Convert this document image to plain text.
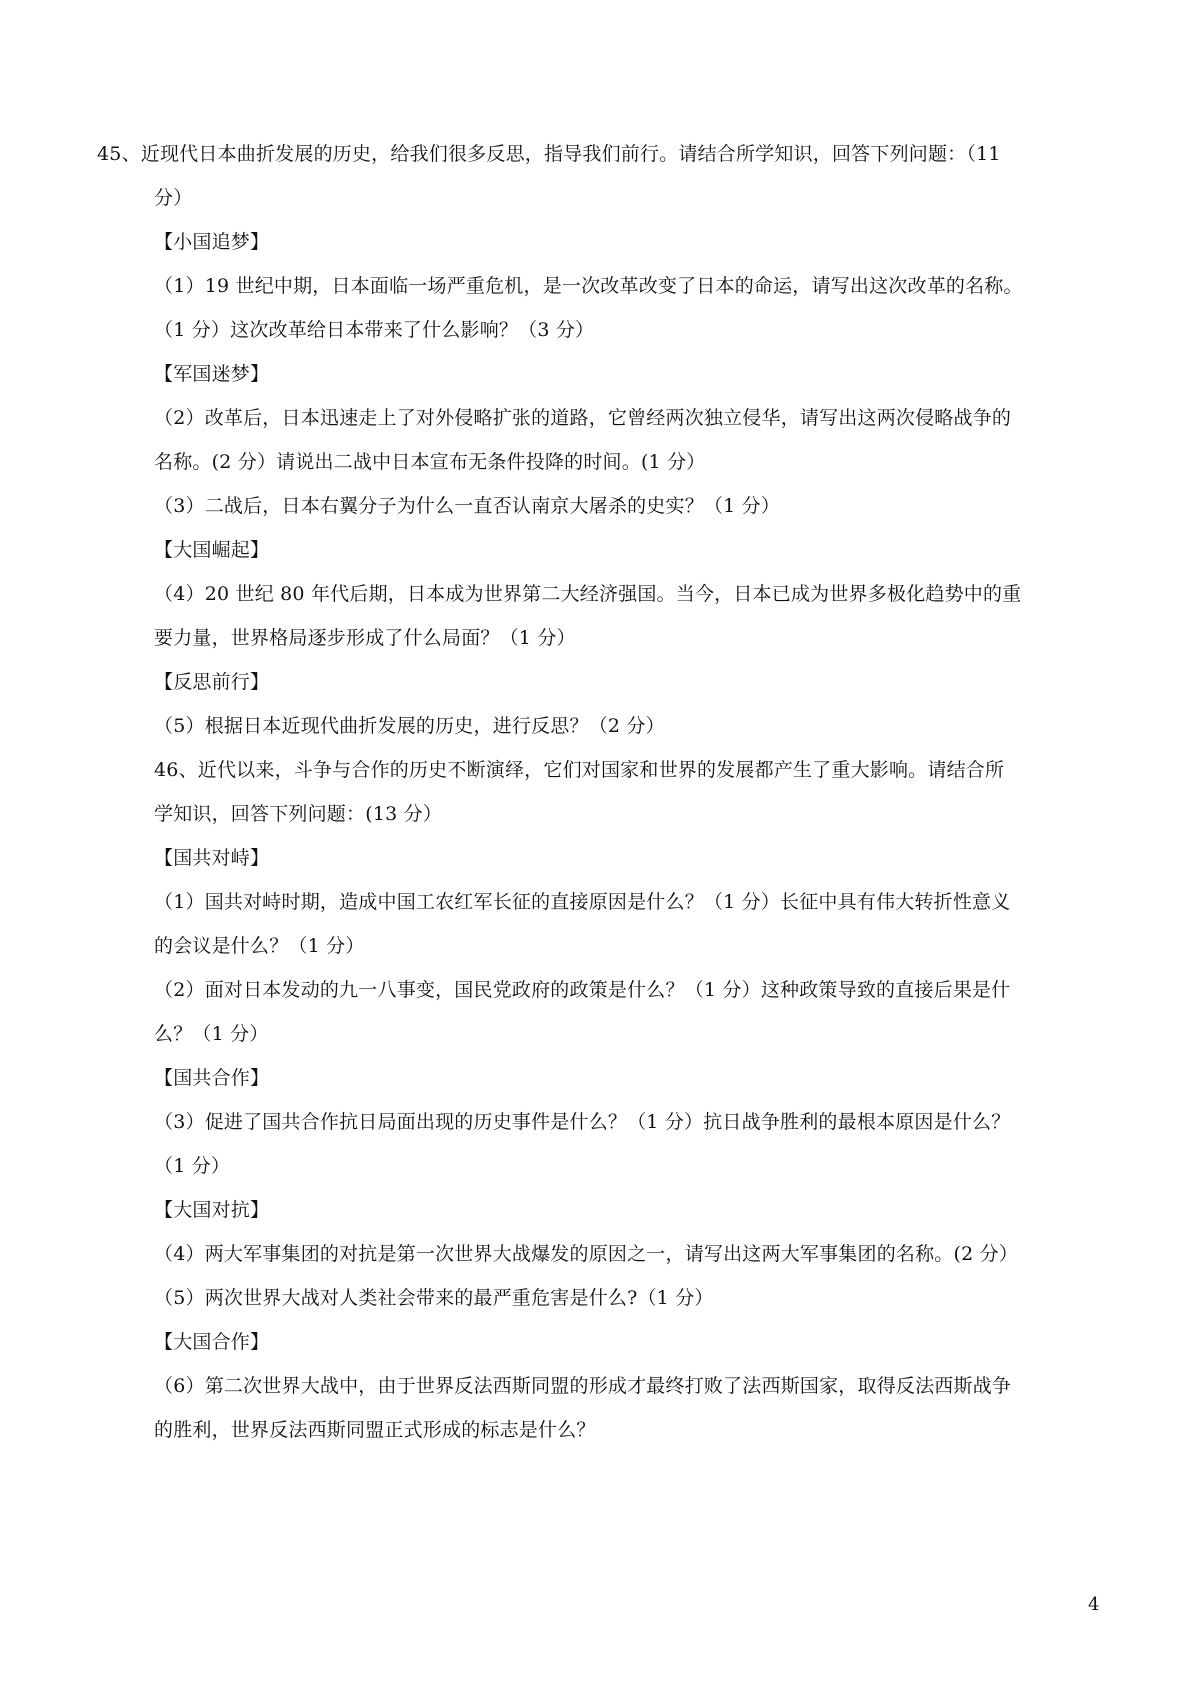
45、近现代日本曲折发展的历史，给我们很多反思，指导我们前行。请结合所学知识，回答下列问题：（11
分）
【小国追梦】
（1）19 世纪中期，日本面临一场严重危机，是一次改革改变了日本的命运，请写出这次改革的名称。
（1 分）这次改革给日本带来了什么影响？（3 分）
【军国迷梦】
（2）改革后，日本迅速走上了对外侵略扩张的道路，它曾经两次独立侵华，请写出这两次侵略战争的
名称。(2 分）请说出二战中日本宣布无条件投降的时间。(1 分）
（3）二战后，日本右翼分子为什么一直否认南京大屠杀的史实？（1 分）
【大国崛起】
（4）20 世纪 80 年代后期，日本成为世界第二大经济强国。当今，日本已成为世界多极化趋势中的重
要力量，世界格局逐步形成了什么局面？（1 分）
【反思前行】
（5）根据日本近现代曲折发展的历史，进行反思？（2 分）
46、近代以来，斗争与合作的历史不断演绎，它们对国家和世界的发展都产生了重大影响。请结合所
学知识，回答下列问题：(13 分）
【国共对峙】
（1）国共对峙时期，造成中国工农红军长征的直接原因是什么？（1 分）长征中具有伟大转折性意义
的会议是什么？（1 分）
（2）面对日本发动的九一八事变，国民党政府的政策是什么？（1 分）这种政策导致的直接后果是什
么？（1 分）
【国共合作】
（3）促进了国共合作抗日局面出现的历史事件是什么？（1 分）抗日战争胜利的最根本原因是什么？
（1 分）
【大国对抗】
（4）两大军事集团的对抗是第一次世界大战爆发的原因之一，请写出这两大军事集团的名称。(2 分）
（5）两次世界大战对人类社会带来的最严重危害是什么?（1 分）
【大国合作】
（6）第二次世界大战中，由于世界反法西斯同盟的形成才最终打败了法西斯国家，取得反法西斯战争
的胜利，世界反法西斯同盟正式形成的标志是什么？
4
